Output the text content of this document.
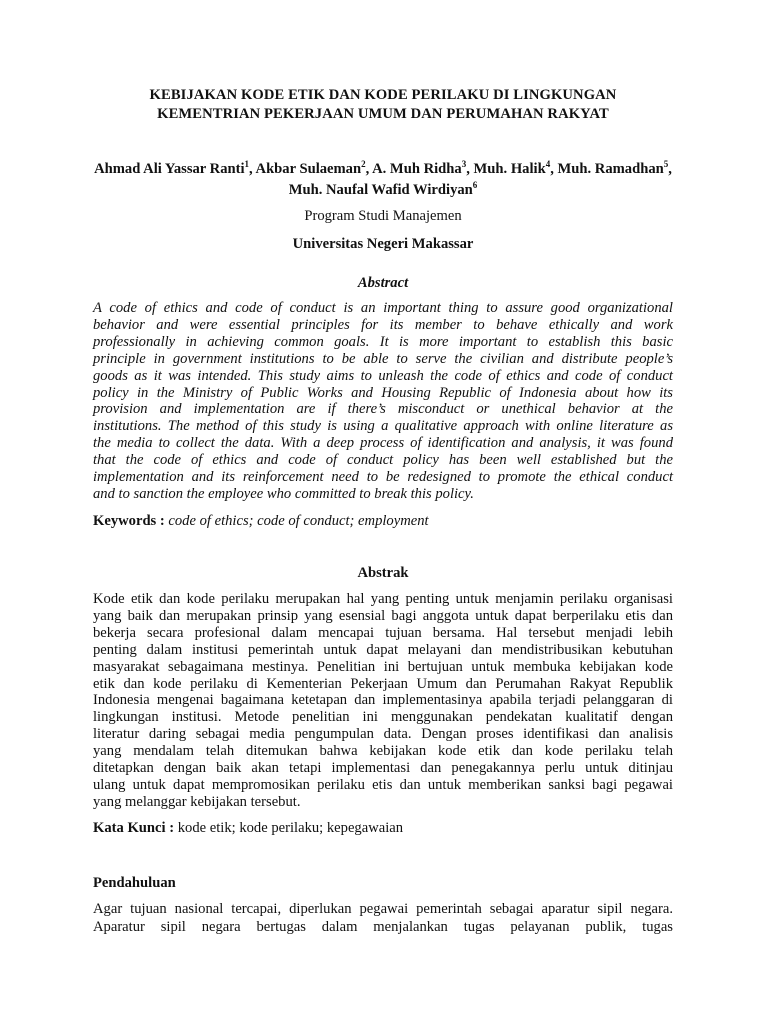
KEBIJAKAN KODE ETIK DAN KODE PERILAKU DI LINGKUNGAN
KEMENTRIAN PEKERJAAN UMUM DAN PERUMAHAN RAKYAT
Ahmad Ali Yassar Ranti$^1$, Akbar Sulaeman$^2$, A. Muh Ridha$^3$, Muh. Halik$^4$, Muh. Ramadhan$^5$, Muh. Naufal Wafid Wirdiyan$^6$
Program Studi Manajemen
Universitas Negeri Makassar
Abstract
A code of ethics and code of conduct is an important thing to assure good organizational
behavior and were essential principles for its member to behave ethically and work
professionally in achieving common goals. It is more important to establish this basic
principle in government institutions to be able to serve the civilian and distribute people’s
goods as it was intended. This study aims to unleash the code of ethics and code of conduct
policy in the Ministry of Public Works and Housing Republic of Indonesia about how its
provision and implementation are if there’s misconduct or unethical behavior at the
institutions. The method of this study is using a qualitative approach with online literature as
the media to collect the data. With a deep process of identification and analysis, it was found
that the code of ethics and code of conduct policy has been well established but the
implementation and its reinforcement need to be redesigned to promote the ethical conduct
and to sanction the employee who committed to break this policy.
Keywords : code of ethics; code of conduct; employment
Abstrak
Kode etik dan kode perilaku merupakan hal yang penting untuk menjamin perilaku organisasi
yang baik dan merupakan prinsip yang esensial bagi anggota untuk dapat berperilaku etis dan
bekerja secara profesional dalam mencapai tujuan bersama. Hal tersebut menjadi lebih
penting dalam institusi pemerintah untuk dapat melayani dan mendistribusikan kebutuhan
masyarakat sebagaimana mestinya. Penelitian ini bertujuan untuk membuka kebijakan kode
etik dan kode perilaku di Kementerian Pekerjaan Umum dan Perumahan Rakyat Republik
Indonesia mengenai bagaimana ketetapan dan implementasinya apabila terjadi pelanggaran di
lingkungan institusi. Metode penelitian ini menggunakan pendekatan kualitatif dengan
literatur daring sebagai media pengumpulan data. Dengan proses identifikasi dan analisis
yang mendalam telah ditemukan bahwa kebijakan kode etik dan kode perilaku telah
ditetapkan dengan baik akan tetapi implementasi dan penegakannya perlu untuk ditinjau
ulang untuk dapat mempromosikan perilaku etis dan untuk memberikan sanksi bagi pegawai
yang melanggar kebijakan tersebut.
Kata Kunci : kode etik; kode perilaku; kepegawaian
Pendahuluan
Agar tujuan nasional tercapai, diperlukan pegawai pemerintah sebagai aparatur sipil negara.
Aparatur sipil negara bertugas dalam menjalankan tugas pelayanan publik, tugas
